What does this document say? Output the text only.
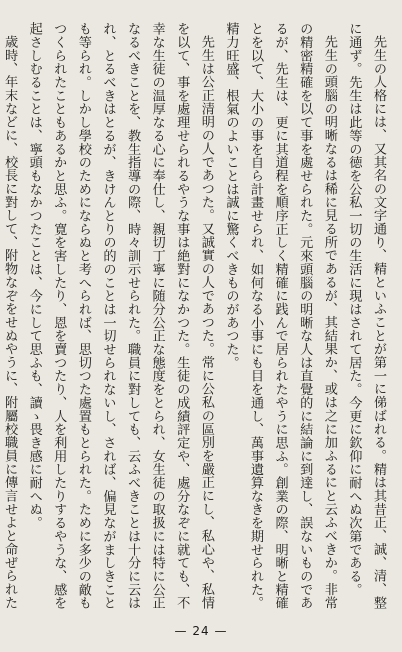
先生の人格には、又其名の文字通り、精といふことが第一に俤ばれる。精は其昔正、誠、清、整に通ず。先生は此等の徳を公私一切の生活に現はされて居た。今更に欽仰に耐へぬ次第である。

先生の頭腦の明晰なるは稀に見る所であるが、其結果か、或は之に加ふるにと云ふべきか。非常の精密精確を以て事を處せられた。元來頭腦の明晰な人は直覺的に結論に到達し、誤ないものであるが、先生は、更に其道程を順序正しく精確に践んで居られたやうに思ふ。創業の際、明晰と精確とを以て、大小の事を自ら計畫せられ、如何なる小事にも目を通し、萬事遺算なきを期せられた。精力旺盛、根氣のよいことは誠に驚くべきものがあつた。

先生は公正清明の人であつた。又誠實の人であつた。常に公私の區別を嚴正にし、私心や、私情を以て、事を處理せられるやうな事は絶對になかつた。生徒の成績評定や、處分なぞに就ても、不幸な生徒の温厚なる心に奉仕し、親切丁寧に随分公正な態度をとられ、女生徒の取扱には特に公正なるべきことを、教生指導の際、時々訓示せられた。職員に對しても、云ふべきことは十分に云はれ、とるべきはとるが、きけんとりの的のことは一切せられないし、されば、偏見ながましきことも等られ。しかし學校のためにならぬと考へられば、思切つた處置もとられた。ために多少の敵もつくられたこともあるかと思ふ。寛を害したり、恩を賣つたり、人を利用したりするやうな、感を起さしむることは、寧頭もなかつたことは、今にして思ふも、讀ゝ畏き感に耐へぬ。

歳時、年末などに、校長に對して、附物なぞをせぬやうに、附屬校職員に傳言せよと命ぜられた

— 24 —
